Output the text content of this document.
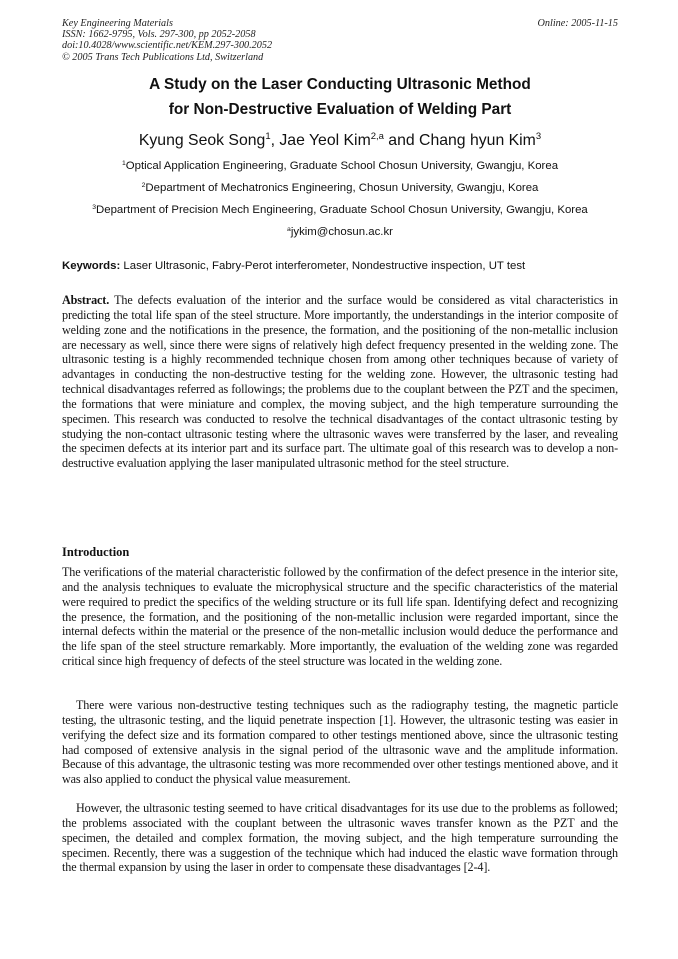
Key Engineering Materials
ISSN: 1662-9795, Vols. 297-300, pp 2052-2058
doi:10.4028/www.scientific.net/KEM.297-300.2052
© 2005 Trans Tech Publications Ltd, Switzerland
Online: 2005-11-15
A Study on the Laser Conducting Ultrasonic Method
for Non-Destructive Evaluation of Welding Part
Kyung Seok Song$^1$, Jae Yeol Kim$^{2,a}$ and Chang hyun Kim$^3$
$^1$Optical Application Engineering, Graduate School Chosun University, Gwangju, Korea
$^2$Department of Mechatronics Engineering, Chosun University, Gwangju, Korea
$^3$Department of Precision Mech Engineering, Graduate School Chosun University, Gwangju, Korea
$^a$jykim@chosun.ac.kr
Keywords: Laser Ultrasonic, Fabry-Perot interferometer, Nondestructive inspection, UT test

Abstract. The defects evaluation of the interior and the surface would be considered as vital characteristics in predicting the total life span of the steel structure. More importantly, the understandings in the interior composite of welding zone and the notifications in the presence, the formation, and the positioning of the non-metallic inclusion are necessary as well, since there were signs of relatively high defect frequency presented in the welding zone. The ultrasonic testing is a highly recommended technique chosen from among other techniques because of variety of advantages in conducting the non-destructive testing for the welding zone. However, the ultrasonic testing had technical disadvantages referred as followings; the problems due to the couplant between the PZT and the specimen, the formations that were miniature and complex, the moving subject, and the high temperature surrounding the specimen. This research was conducted to resolve the technical disadvantages of the contact ultrasonic testing by studying the non-contact ultrasonic testing where the ultrasonic waves were transferred by the laser, and revealing the specimen defects at its interior part and its surface part. The ultimate goal of this research was to develop a non-destructive evaluation applying the laser manipulated ultrasonic method for the steel structure.

Introduction

The verifications of the material characteristic followed by the confirmation of the defect presence in the interior site, and the analysis techniques to evaluate the microphysical structure and the specific characteristics of the material were required to predict the specifics of the welding structure or its full life span. Identifying defect and recognizing the presence, the formation, and the positioning of the non-metallic inclusion were regarded important, since the internal defects within the material or the presence of the non-metallic inclusion would deduce the performance and the life span of the steel structure remarkably. More importantly, the evaluation of the welding zone was regarded critical since high frequency of defects of the steel structure was located in the welding zone.

There were various non-destructive testing techniques such as the radiography testing, the magnetic particle testing, the ultrasonic testing, and the liquid penetrate inspection [1]. However, the ultrasonic testing was easier in verifying the defect size and its formation compared to other testings mentioned above, since the ultrasonic testing had composed of extensive analysis in the signal period of the ultrasonic wave and the amplitude information. Because of this advantage, the ultrasonic testing was more recommended over other testings mentioned above, and it was also applied to conduct the physical value measurement.

However, the ultrasonic testing seemed to have critical disadvantages for its use due to the problems as followed; the problems associated with the couplant between the ultrasonic waves transfer known as the PZT and the specimen, the detailed and complex formation, the moving subject, and the high temperature surrounding the specimen. Recently, there was a suggestion of the technique which had induced the elastic wave formation through the thermal expansion by using the laser in order to compensate these disadvantages [2-4].
